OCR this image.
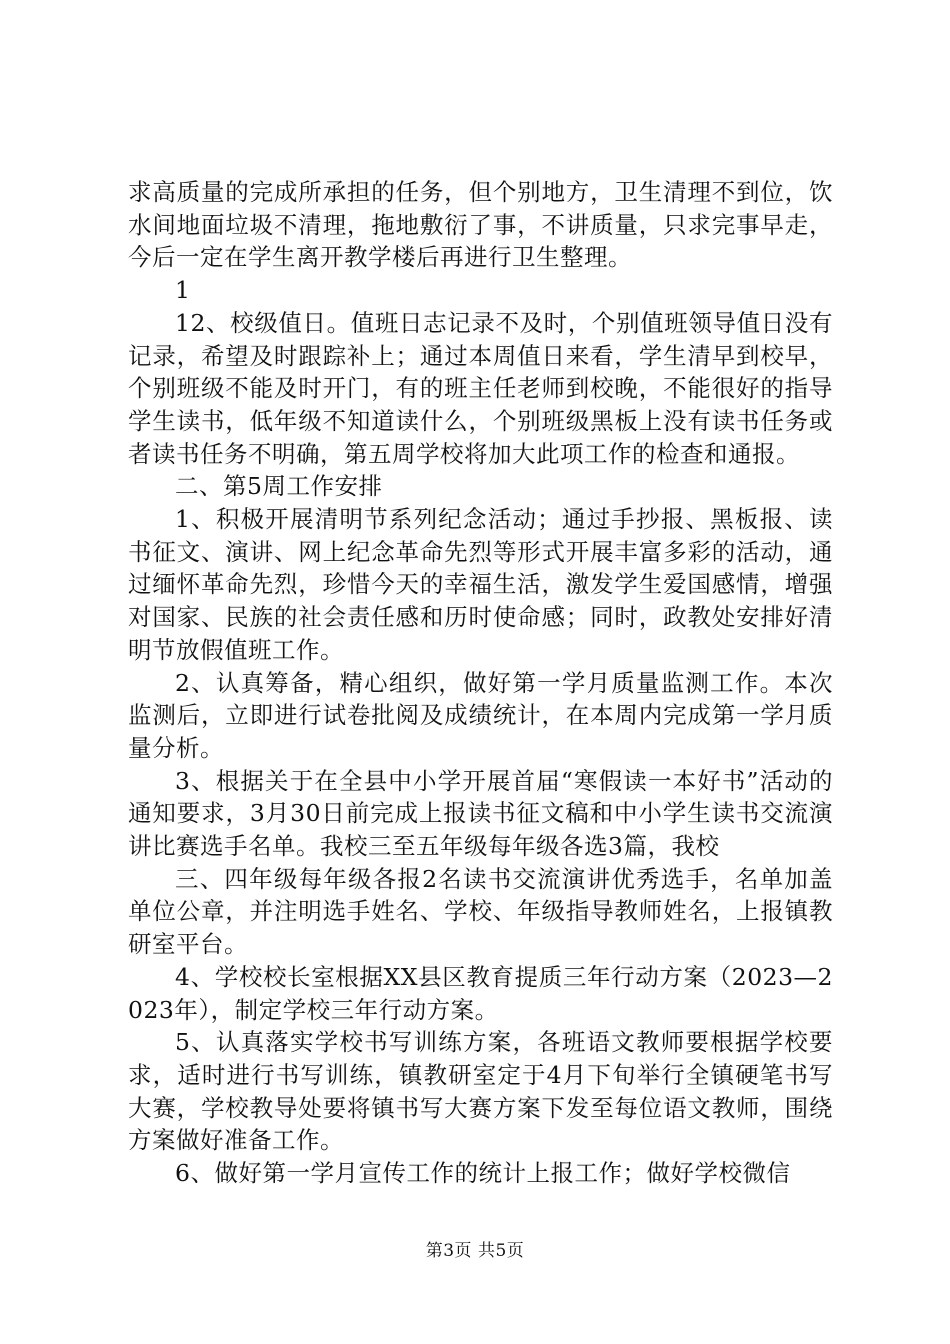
求高质量的完成所承担的任务，但个别地方，卫生清理不到位，饮水间地面垃圾不清理，拖地敷衍了事，不讲质量，只求完事早走，今后一定在学生离开教学楼后再进行卫生整理。

1

12、校级值日。值班日志记录不及时，个别值班领导值日没有记录，希望及时跟踪补上；通过本周值日来看，学生清早到校早，个别班级不能及时开门，有的班主任老师到校晚，不能很好的指导学生读书，低年级不知道读什么，个别班级黑板上没有读书任务或者读书任务不明确，第五周学校将加大此项工作的检查和通报。

二、第5周工作安排

1、积极开展清明节系列纪念活动；通过手抄报、黑板报、读书征文、演讲、网上纪念革命先烈等形式开展丰富多彩的活动，通过缅怀革命先烈，珍惜今天的幸福生活，激发学生爱国感情，增强对国家、民族的社会责任感和历时使命感；同时，政教处安排好清明节放假值班工作。

2、认真筹备，精心组织，做好第一学月质量监测工作。本次监测后，立即进行试卷批阅及成绩统计，在本周内完成第一学月质量分析。

3、根据关于在全县中小学开展首届“寒假读一本好书”活动的通知要求，3月30日前完成上报读书征文稿和中小学生读书交流演讲比赛选手名单。我校三至五年级每年级各选3篇，我校

三、四年级每年级各报2名读书交流演讲优秀选手，名单加盖单位公章，并注明选手姓名、学校、年级指导教师姓名，上报镇教研室平台。

4、学校校长室根据XX县区教育提质三年行动方案（2023—2023年），制定学校三年行动方案。

5、认真落实学校书写训练方案，各班语文教师要根据学校要求，适时进行书写训练，镇教研室定于4月下旬举行全镇硬笔书写大赛，学校教导处要将镇书写大赛方案下发至每位语文教师，围绕方案做好准备工作。

6、做好第一学月宣传工作的统计上报工作；做好学校微信

第3页 共5页
